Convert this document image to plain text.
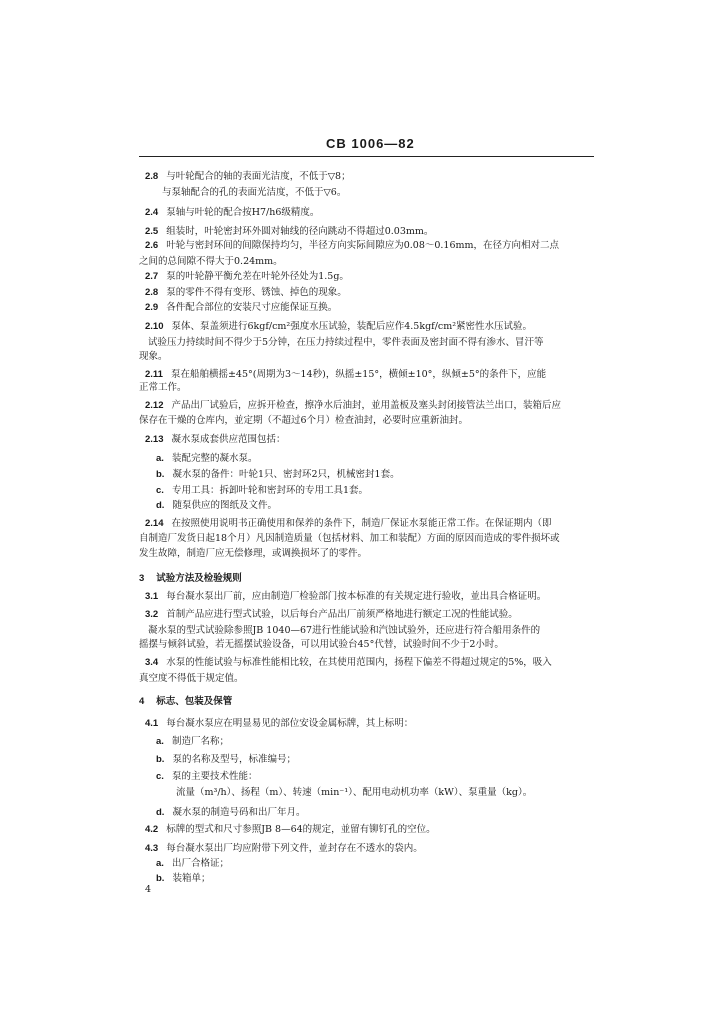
CB 1006—82
2.8 与叶轮配合的轴的表面光洁度，不低于▽8；
与泵轴配合的孔的表面光洁度，不低于▽6。
2.4 泵轴与叶轮的配合按H7/h6级精度。
2.5 组装时，叶轮密封环外圆对轴线的径向跳动不得超过0.03mm。
2.6 叶轮与密封环间的间隙保持均匀，半径方向实际间隙应为0.08～0.16mm，在径方向相对二点
之间的总间隙不得大于0.24mm。
2.7 泵的叶轮静平衡允差在叶轮外径处为1.5g。
2.8 泵的零件不得有变形、锈蚀、掉色的现象。
2.9 各件配合部位的安装尺寸应能保证互换。
2.10 泵体、泵盖须进行6kgf/cm²强度水压试验，装配后应作4.5kgf/cm²紧密性水压试验。
试验压力持续时间不得少于5分钟，在压力持续过程中，零件表面及密封面不得有渗水、冒汗等
现象。
2.11 泵在船舶横摇±45°(周期为3～14秒)，纵摇±15°，横倾±10°，纵倾±5°的条件下，应能
正常工作。
2.12 产品出厂试验后，应拆开检查，擦净水后油封，並用盖板及塞头封闭接管法兰出口，装箱后应
保存在干燥的仓库内，並定期（不超过6个月）检查油封，必要时应重新油封。
2.13 凝水泵成套供应范围包括：
a. 装配完整的凝水泵。
b. 凝水泵的备件：叶轮1只、密封环2只，机械密封1套。
c. 专用工具：拆卸叶轮和密封环的专用工具1套。
d. 随泵供应的图纸及文件。
2.14 在按照使用说明书正确使用和保养的条件下，制造厂保证水泵能正常工作。在保证期内（即
自制造厂发货日起18个月）凡因制造质量（包括材料、加工和装配）方面的原因而造成的零件损坏或
发生故障，制造厂应无偿修理，或调换损坏了的零件。
3 试验方法及检验规则
3.1 每台凝水泵出厂前，应由制造厂检验部门按本标准的有关规定进行验收，並出具合格证明。
3.2 首制产品应进行型式试验，以后每台产品出厂前须严格地进行额定工况的性能试验。
凝水泵的型式试验除参照JB 1040—67进行性能试验和汽蚀试验外，还应进行符合船用条件的
摇摆与倾斜试验，若无摇摆试验设备，可以用试验台45°代替，试验时间不少于2小时。
3.4 水泵的性能试验与标准性能相比较，在其使用范围内，扬程下偏差不得超过规定的5%，吸入
真空度不得低于规定值。
4 标志、包装及保管
4.1 每台凝水泵应在明显易见的部位安设金属标牌，其上标明：
a. 制造厂名称；
b. 泵的名称及型号，标准编号；
c. 泵的主要技术性能：
流量（m³/h）、扬程（m）、转速（min⁻¹）、配用电动机功率（kW）、泵重量（kg）。
d. 凝水泵的制造号码和出厂年月。
4.2 标牌的型式和尺寸参照JB 8—64的规定，並留有铆钉孔的空位。
4.3 每台凝水泵出厂均应附带下列文件，並封存在不透水的袋内。
a. 出厂合格证；
b. 装箱单；
4
